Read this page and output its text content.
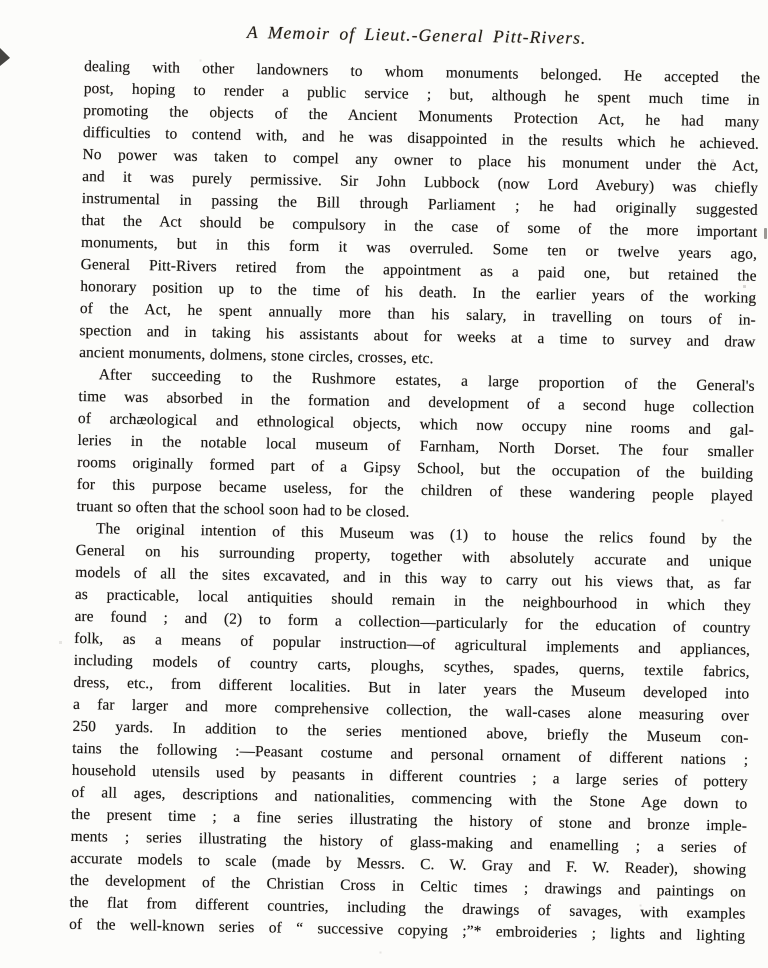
A Memoir of Lieut.-General Pitt-Rivers.
dealing with other landowners to whom monuments belonged. He accepted the
post, hoping to render a public service ; but, although he spent much time in
promoting the objects of the Ancient Monuments Protection Act, he had many
difficulties to contend with, and he was disappointed in the results which he achieved.
No power was taken to compel any owner to place his monument under the Act,
and it was purely permissive. Sir John Lubbock (now Lord Avebury) was chiefly
instrumental in passing the Bill through Parliament ; he had originally suggested
that the Act should be compulsory in the case of some of the more important
monuments, but in this form it was overruled. Some ten or twelve years ago,
General Pitt-Rivers retired from the appointment as a paid one, but retained the
honorary position up to the time of his death. In the earlier years of the working
of the Act, he spent annually more than his salary, in travelling on tours of in-
spection and in taking his assistants about for weeks at a time to survey and draw
ancient monuments, dolmens, stone circles, crosses, etc.
After succeeding to the Rushmore estates, a large proportion of the General's
time was absorbed in the formation and development of a second huge collection
of archæological and ethnological objects, which now occupy nine rooms and gal-
leries in the notable local museum of Farnham, North Dorset. The four smaller
rooms originally formed part of a Gipsy School, but the occupation of the building
for this purpose became useless, for the children of these wandering people played
truant so often that the school soon had to be closed.
The original intention of this Museum was (1) to house the relics found by the
General on his surrounding property, together with absolutely accurate and unique
models of all the sites excavated, and in this way to carry out his views that, as far
as practicable, local antiquities should remain in the neighbourhood in which they
are found ; and (2) to form a collection—particularly for the education of country
folk, as a means of popular instruction—of agricultural implements and appliances,
including models of country carts, ploughs, scythes, spades, querns, textile fabrics,
dress, etc., from different localities. But in later years the Museum developed into
a far larger and more comprehensive collection, the wall-cases alone measuring over
250 yards. In addition to the series mentioned above, briefly the Museum con-
tains the following :—Peasant costume and personal ornament of different nations ;
household utensils used by peasants in different countries ; a large series of pottery
of all ages, descriptions and nationalities, commencing with the Stone Age down to
the present time ; a fine series illustrating the history of stone and bronze imple-
ments ; series illustrating the history of glass-making and enamelling ; a series of
accurate models to scale (made by Messrs. C. W. Gray and F. W. Reader), showing
the development of the Christian Cross in Celtic times ; drawings and paintings on
the flat from different countries, including the drawings of savages, with examples
of the well-known series of “ successive copying ;”* embroideries ; lights and lighting
